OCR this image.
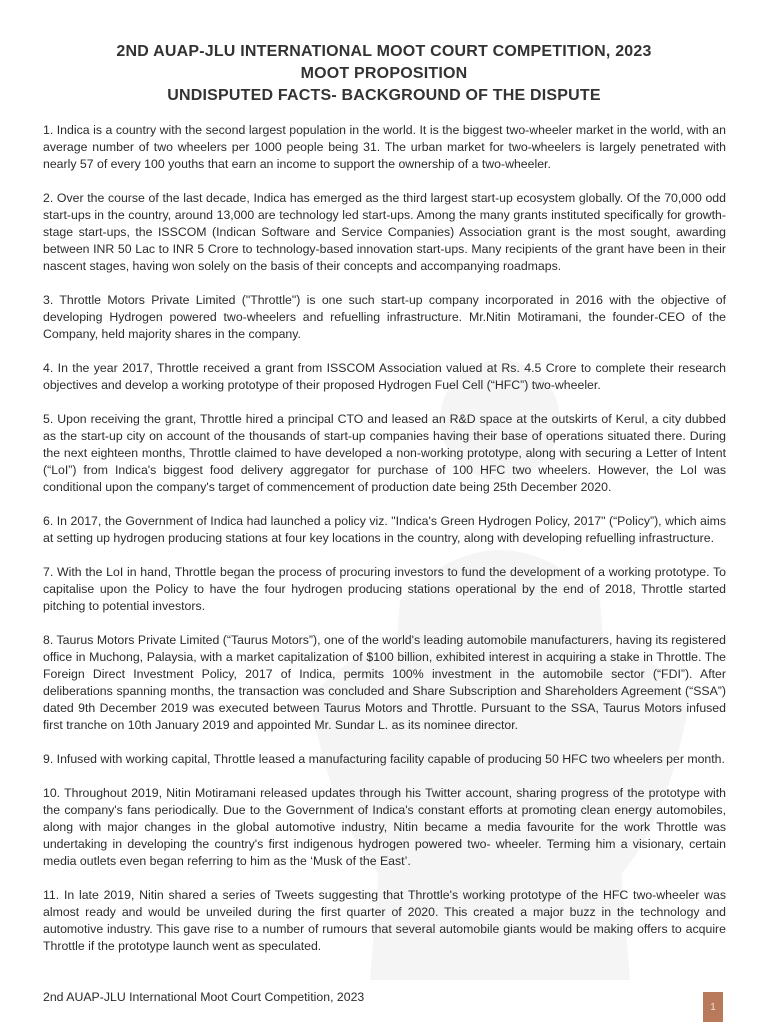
2ND AUAP-JLU INTERNATIONAL MOOT COURT COMPETITION, 2023
MOOT PROPOSITION
UNDISPUTED FACTS- BACKGROUND OF THE DISPUTE

1. Indica is a country with the second largest population in the world. It is the biggest two-wheeler market in the world, with an average number of two wheelers per 1000 people being 31. The urban market for two-wheelers is largely penetrated with nearly 57 of every 100 youths that earn an income to support the ownership of a two-wheeler.

2. Over the course of the last decade, Indica has emerged as the third largest start-up ecosystem globally. Of the 70,000 odd start-ups in the country, around 13,000 are technology led start-ups. Among the many grants instituted specifically for growth-stage start-ups, the ISSCOM (Indican Software and Service Companies) Association grant is the most sought, awarding between INR 50 Lac to INR 5 Crore to technology-based innovation start-ups. Many recipients of the grant have been in their nascent stages, having won solely on the basis of their concepts and accompanying roadmaps.

3. Throttle Motors Private Limited ("Throttle") is one such start-up company incorporated in 2016 with the objective of developing Hydrogen powered two-wheelers and refuelling infrastructure. Mr.Nitin Motiramani, the founder-CEO of the Company, held majority shares in the company.

4. In the year 2017, Throttle received a grant from ISSCOM Association valued at Rs. 4.5 Crore to complete their research objectives and develop a working prototype of their proposed Hydrogen Fuel Cell (“HFC”) two-wheeler.

5. Upon receiving the grant, Throttle hired a principal CTO and leased an R&D space at the outskirts of Kerul, a city dubbed as the start-up city on account of the thousands of start-up companies having their base of operations situated there. During the next eighteen months, Throttle claimed to have developed a non-working prototype, along with securing a Letter of Intent (“LoI”) from Indica's biggest food delivery aggregator for purchase of 100 HFC two wheelers. However, the LoI was conditional upon the company's target of commencement of production date being 25th December 2020.

6. In 2017, the Government of Indica had launched a policy viz. "Indica's Green Hydrogen Policy, 2017" (“Policy”), which aims at setting up hydrogen producing stations at four key locations in the country, along with developing refuelling infrastructure.

7. With the LoI in hand, Throttle began the process of procuring investors to fund the development of a working prototype. To capitalise upon the Policy to have the four hydrogen producing stations operational by the end of 2018, Throttle started pitching to potential investors.

8. Taurus Motors Private Limited (“Taurus Motors”), one of the world's leading automobile manufacturers, having its registered office in Muchong, Palaysia, with a market capitalization of $100 billion, exhibited interest in acquiring a stake in Throttle. The Foreign Direct Investment Policy, 2017 of Indica, permits 100% investment in the automobile sector (“FDI”). After deliberations spanning months, the transaction was concluded and Share Subscription and Shareholders Agreement (“SSA”) dated 9th December 2019 was executed between Taurus Motors and Throttle. Pursuant to the SSA, Taurus Motors infused first tranche on 10th January 2019 and appointed Mr. Sundar L. as its nominee director.

9. Infused with working capital, Throttle leased a manufacturing facility capable of producing 50 HFC two wheelers per month.

10. Throughout 2019, Nitin Motiramani released updates through his Twitter account, sharing progress of the prototype with the company's fans periodically. Due to the Government of Indica's constant efforts at promoting clean energy automobiles, along with major changes in the global automotive industry, Nitin became a media favourite for the work Throttle was undertaking in developing the country's first indigenous hydrogen powered two- wheeler. Terming him a visionary, certain media outlets even began referring to him as the ‘Musk of the East’.

11. In late 2019, Nitin shared a series of Tweets suggesting that Throttle's working prototype of the HFC two-wheeler was almost ready and would be unveiled during the first quarter of 2020. This created a major buzz in the technology and automotive industry. This gave rise to a number of rumours that several automobile giants would be making offers to acquire Throttle if the prototype launch went as speculated.

2nd AUAP-JLU International Moot Court Competition, 2023
1
